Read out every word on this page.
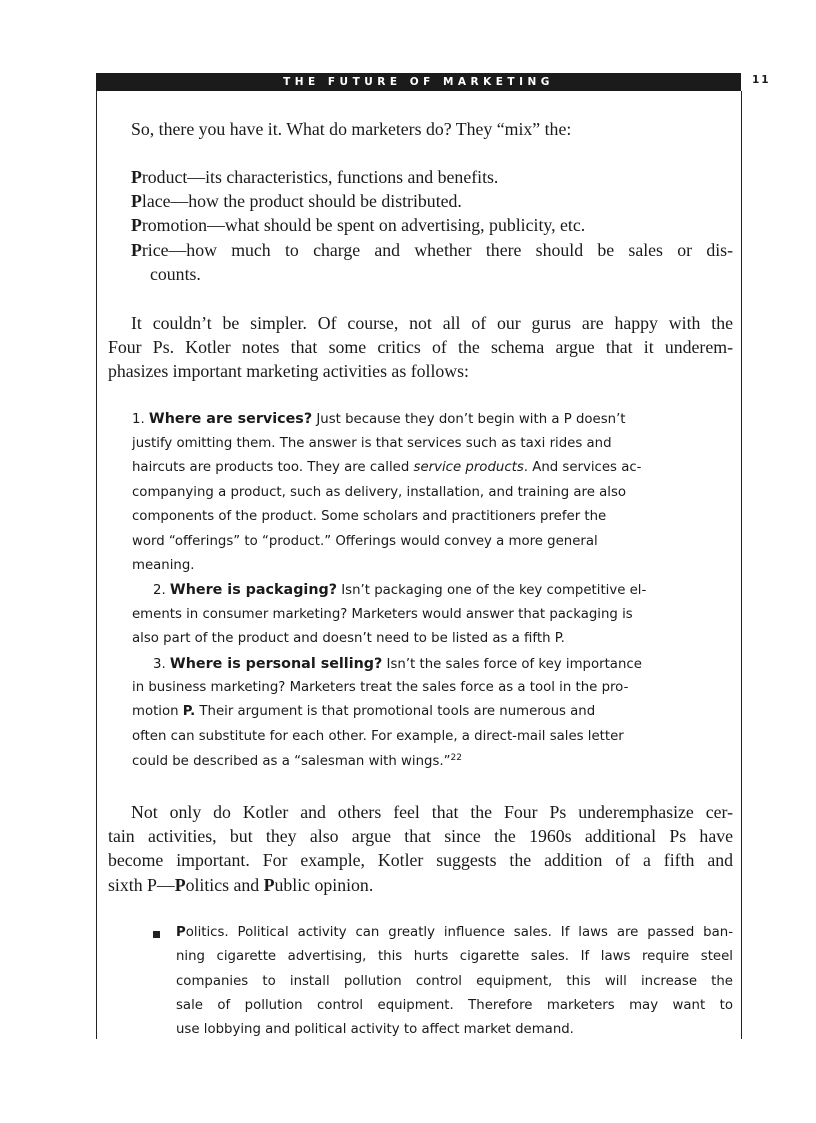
THE FUTURE OF MARKETING	11
So, there you have it. What do marketers do? They “mix” the:
Product—its characteristics, functions and benefits.
Place—how the product should be distributed.
Promotion—what should be spent on advertising, publicity, etc.
Price—how much to charge and whether there should be sales or dis-
counts.
It couldn’t be simpler. Of course, not all of our gurus are happy with the
Four Ps. Kotler notes that some critics of the schema argue that it underem-
phasizes important marketing activities as follows:
1. Where are services? Just because they don’t begin with a P doesn’t
justify omitting them. The answer is that services such as taxi rides and
haircuts are products too. They are called service products. And services ac-
companying a product, such as delivery, installation, and training are also
components of the product. Some scholars and practitioners prefer the
word “offerings” to “product.” Offerings would convey a more general
meaning.
2. Where is packaging? Isn’t packaging one of the key competitive el-
ements in consumer marketing? Marketers would answer that packaging is
also part of the product and doesn’t need to be listed as a fifth P.
3. Where is personal selling? Isn’t the sales force of key importance
in business marketing? Marketers treat the sales force as a tool in the pro-
motion P. Their argument is that promotional tools are numerous and
often can substitute for each other. For example, a direct-mail sales letter
could be described as a “salesman with wings.”$^{22}$
Not only do Kotler and others feel that the Four Ps underemphasize cer-
tain activities, but they also argue that since the 1960s additional Ps have
become important. For example, Kotler suggests the addition of a fifth and
sixth P—Politics and Public opinion.
Politics. Political activity can greatly influence sales. If laws are passed ban-
ning cigarette advertising, this hurts cigarette sales. If laws require steel
companies to install pollution control equipment, this will increase the
sale of pollution control equipment. Therefore marketers may want to
use lobbying and political activity to affect market demand.
